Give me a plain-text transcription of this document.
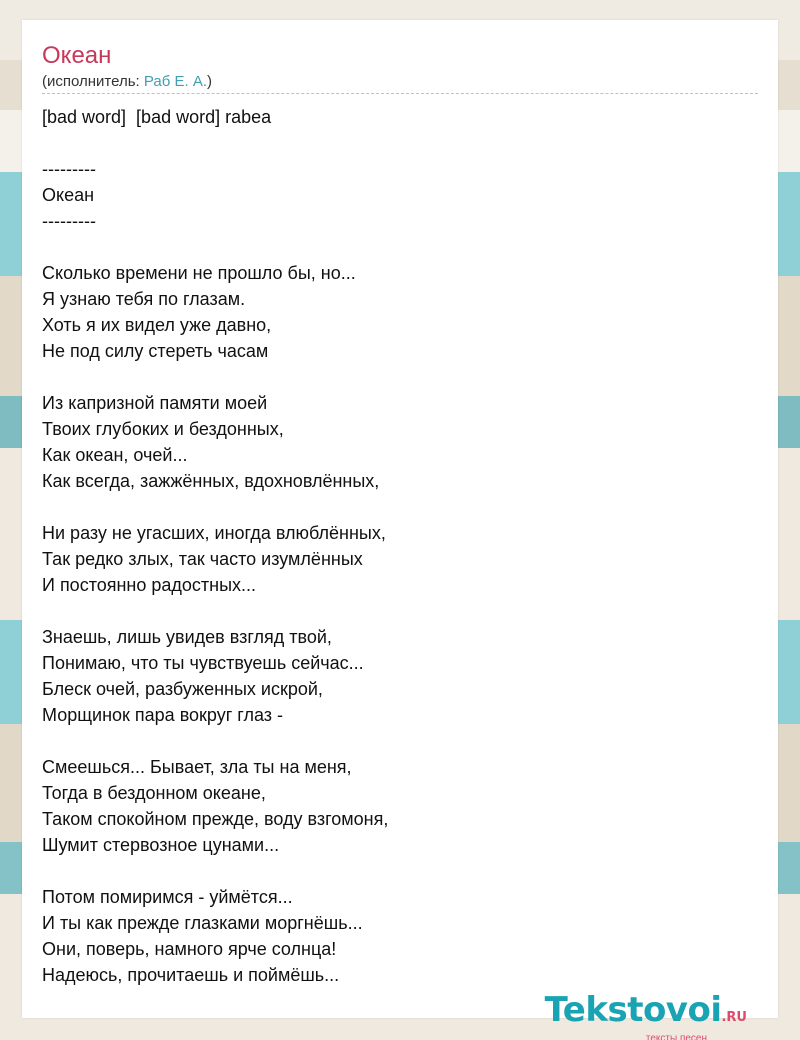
Океан
(исполнитель: Раб Е. А.)
[bad word]  [bad word] rabea
---------
Океан
---------
Сколько времени не прошло бы, но...
Я узнаю тебя по глазам.
Хоть я их видел уже давно,
Не под силу стереть часам
Из капризной памяти моей
Твоих глубоких и бездонных,
Как океан, очей...
Как всегда, зажжённых, вдохновлённых,
Ни разу не угасших, иногда влюблённых,
Так редко злых, так часто изумлённых
И постоянно радостных...
Знаешь, лишь увидев взгляд твой,
Понимаю, что ты чувствуешь сейчас...
Блеск очей, разбуженных искрой,
Морщинок пара вокруг глаз -
Смеешься... Бывает, зла ты на меня,
Тогда в бездонном океане,
Таком спокойном прежде, воду взгомоня,
Шумит стервозное цунами...
Потом помиримся - уймётся...
И ты как прежде глазками моргнёшь...
Они, поверь, намного ярче солнца!
Надеюсь, прочитаешь и поймёшь...
Tekstovoi.RU
тексты песен
